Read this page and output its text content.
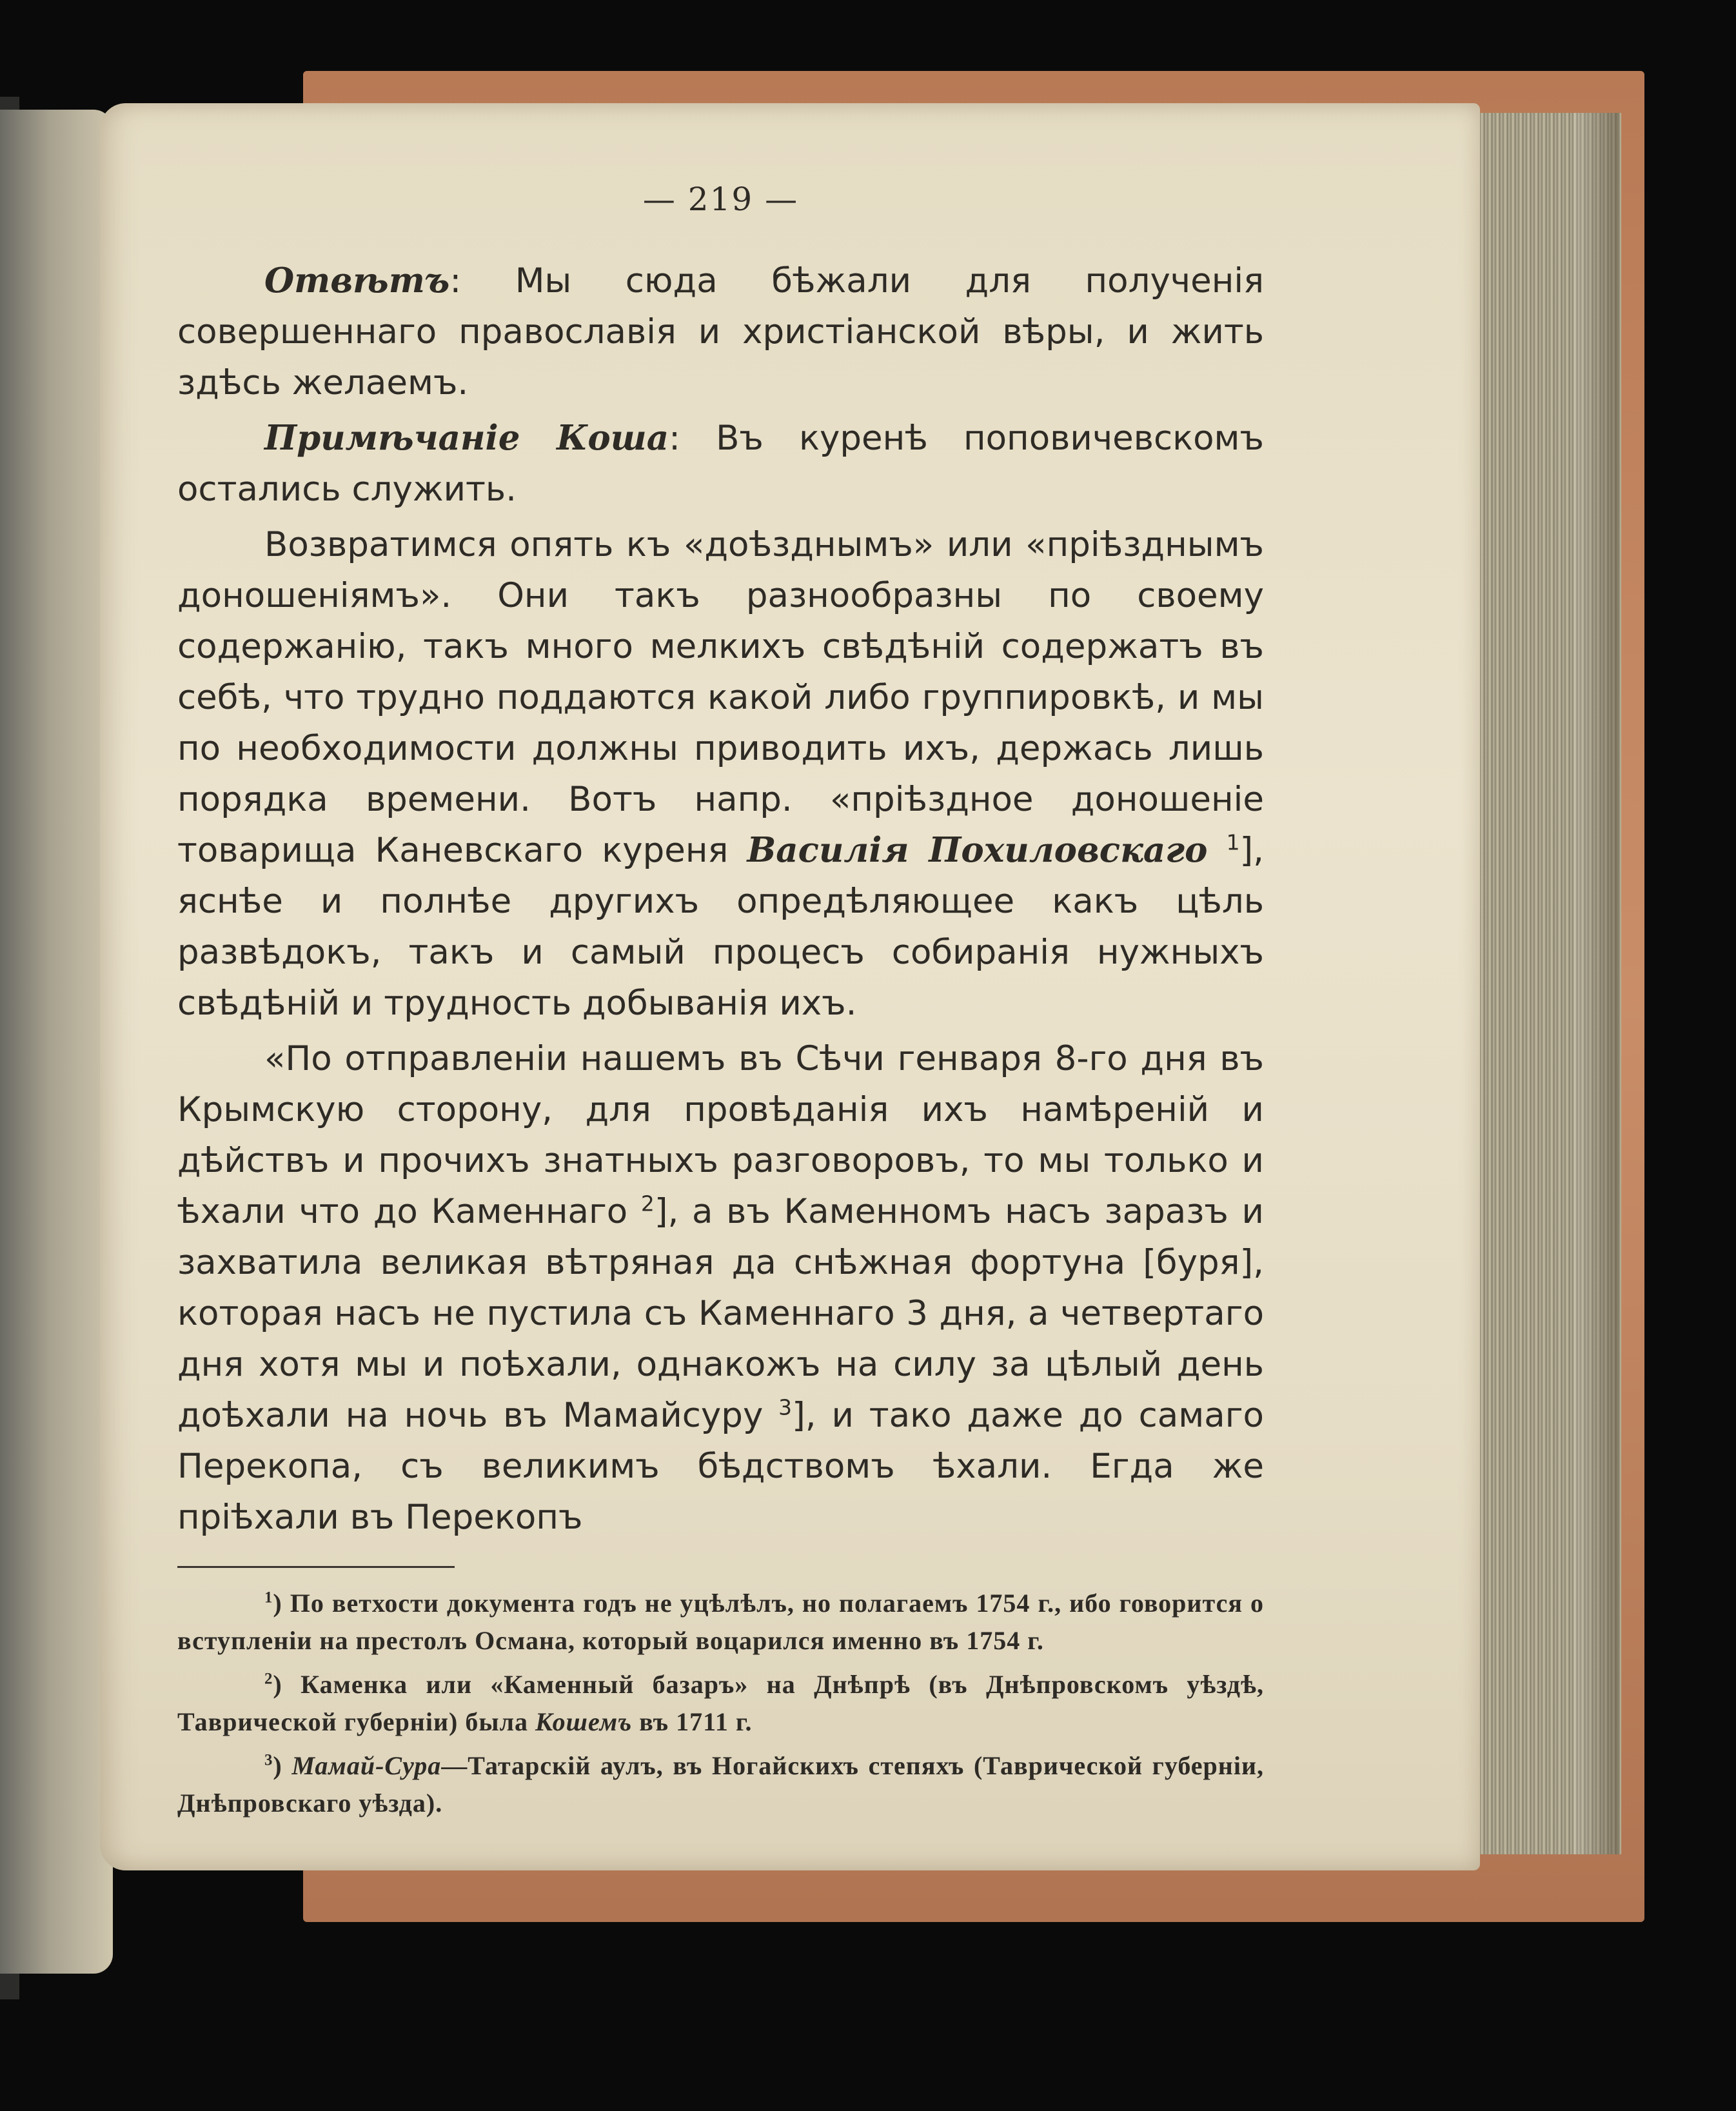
— 219 —

Отвѣтъ: Мы сюда бѣжали для полученія совершеннаго православія и христіанской вѣры, и жить здѣсь желаемъ.

Примѣчаніе Коша: Въ куренѣ поповичевскомъ остались служить.

Возвратимся опять къ «доѣзднымъ» или «пріѣзднымъ доношеніямъ». Они такъ разнообразны по своему содержанію, такъ много мелкихъ свѣдѣній содержатъ въ себѣ, что трудно поддаются какой либо группировкѣ, и мы по необходимости должны приводить ихъ, держась лишь порядка времени. Вотъ напр. «пріѣздное доношеніе товарища Каневскаго куреня Василія Похиловскаго $^1$], яснѣе и полнѣе другихъ опредѣляющее какъ цѣль развѣдокъ, такъ и самый процесъ собиранія нужныхъ свѣдѣній и трудность добыванія ихъ.

«По отправленіи нашемъ въ Сѣчи генваря 8-го дня въ Крымскую сторону, для провѣданія ихъ намѣреній и дѣйствъ и прочихъ знатныхъ разговоровъ, то мы только и ѣхали что до Каменнаго $^2$], а въ Каменномъ насъ заразъ и захватила великая вѣтряная да снѣжная фортуна [буря], которая насъ не пустила съ Каменнаго 3 дня, а четвертаго дня хотя мы и поѣхали, однакожъ на силу за цѣлый день доѣхали на ночь въ Мамайсуру $^3$], и тако даже до самаго Перекопа, съ великимъ бѣдствомъ ѣхали. Егда же пріѣхали въ Перекопъ

$^1$) По ветхости документа годъ не уцѣлѣлъ, но полагаемъ 1754 г., ибо говорится о вступленіи на престолъ Османа, который воцарился именно въ 1754 г.

$^2$) Каменка или «Каменный базаръ» на Днѣпрѣ (въ Днѣпровскомъ уѣздѣ, Таврической губерніи) была Кошемъ въ 1711 г.

$^3$) Мамай-Сура—Татарскій аулъ, въ Ногайскихъ степяхъ (Таврической губерніи, Днѣпровскаго уѣзда).
